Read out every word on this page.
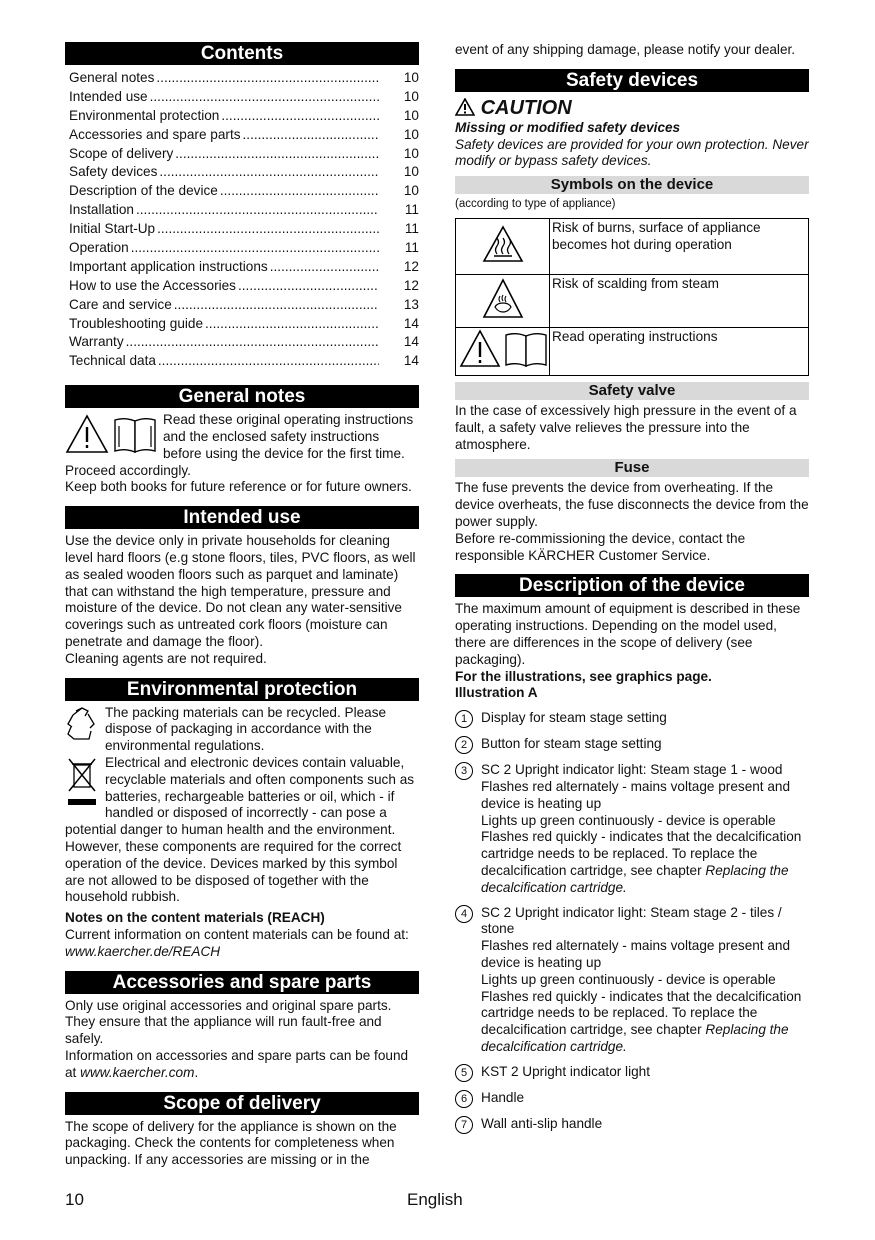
Contents
General notes .....	10
Intended use .....	10
Environmental protection .....	10
Accessories and spare parts .....	10
Scope of delivery .....	10
Safety devices .....	10
Description of the device .....	10
Installation .....	11
Initial Start-Up .....	11
Operation .....	11
Important application instructions .....	12
How to use the Accessories .....	12
Care and service .....	13
Troubleshooting guide .....	14
Warranty .....	14
Technical data .....	14
General notes

Read these original operating instructions and the enclosed safety instructions before using the device for the first time. Proceed accordingly.

Keep both books for future reference or for future owners.

Intended use

Use the device only in private households for cleaning level hard floors (e.g stone floors, tiles, PVC floors, as well as sealed wooden floors such as parquet and laminate) that can withstand the high temperature, pressure and moisture of the device. Do not clean any water-sensitive coverings such as untreated cork floors (moisture can penetrate and damage the floor).

Cleaning agents are not required.

Environmental protection

The packing materials can be recycled. Please dispose of packaging in accordance with the environmental regulations.

Electrical and electronic devices contain valuable, recyclable materials and often components such as batteries, rechargeable batteries or oil, which - if handled or disposed of incorrectly - can pose a potential danger to human health and the environment. However, these components are required for the correct operation of the device. Devices marked by this symbol are not allowed to be disposed of together with the household rubbish.

Notes on the content materials (REACH)

Current information on content materials can be found at: www.kaercher.de/REACH

Accessories and spare parts

Only use original accessories and original spare parts. They ensure that the appliance will run fault-free and safely.

Information on accessories and spare parts can be found at www.kaercher.com.

Scope of delivery

The scope of delivery for the appliance is shown on the packaging. Check the contents for completeness when unpacking. If any accessories are missing or in the

event of any shipping damage, please notify your dealer.

Safety devices
CAUTION

Missing or modified safety devices

Safety devices are provided for your own protection. Never modify or bypass safety devices.

Symbols on the device

(according to type of appliance)

	Risk of burns, surface of appliance becomes hot during operation
	Risk of scalding from steam
	Read operating instructions
Safety valve

In the case of excessively high pressure in the event of a fault, a safety valve relieves the pressure into the atmosphere.

Fuse

The fuse prevents the device from overheating. If the device overheats, the fuse disconnects the device from the power supply.

Before re-commissioning the device, contact the responsible KÄRCHER Customer Service.

Description of the device

The maximum amount of equipment is described in these operating instructions. Depending on the model used, there are differences in the scope of delivery (see packaging).

For the illustrations, see graphics page.

Illustration A

1	Display for steam stage setting

2	Button for steam stage setting

3	SC 2 Upright indicator light: Steam stage 1 - wood

Flashes red alternately - mains voltage present and device is heating up

Lights up green continuously - device is operable

Flashes red quickly - indicates that the decalcification cartridge needs to be replaced. To replace the decalcification cartridge, see chapter Replacing the decalcification cartridge.

4	SC 2 Upright indicator light: Steam stage 2 - tiles / stone

Flashes red alternately - mains voltage present and device is heating up

Lights up green continuously - device is operable

Flashes red quickly - indicates that the decalcification cartridge needs to be replaced. To replace the decalcification cartridge, see chapter Replacing the decalcification cartridge.

5	KST 2 Upright indicator light

6	Handle

7	Wall anti-slip handle

10	English
